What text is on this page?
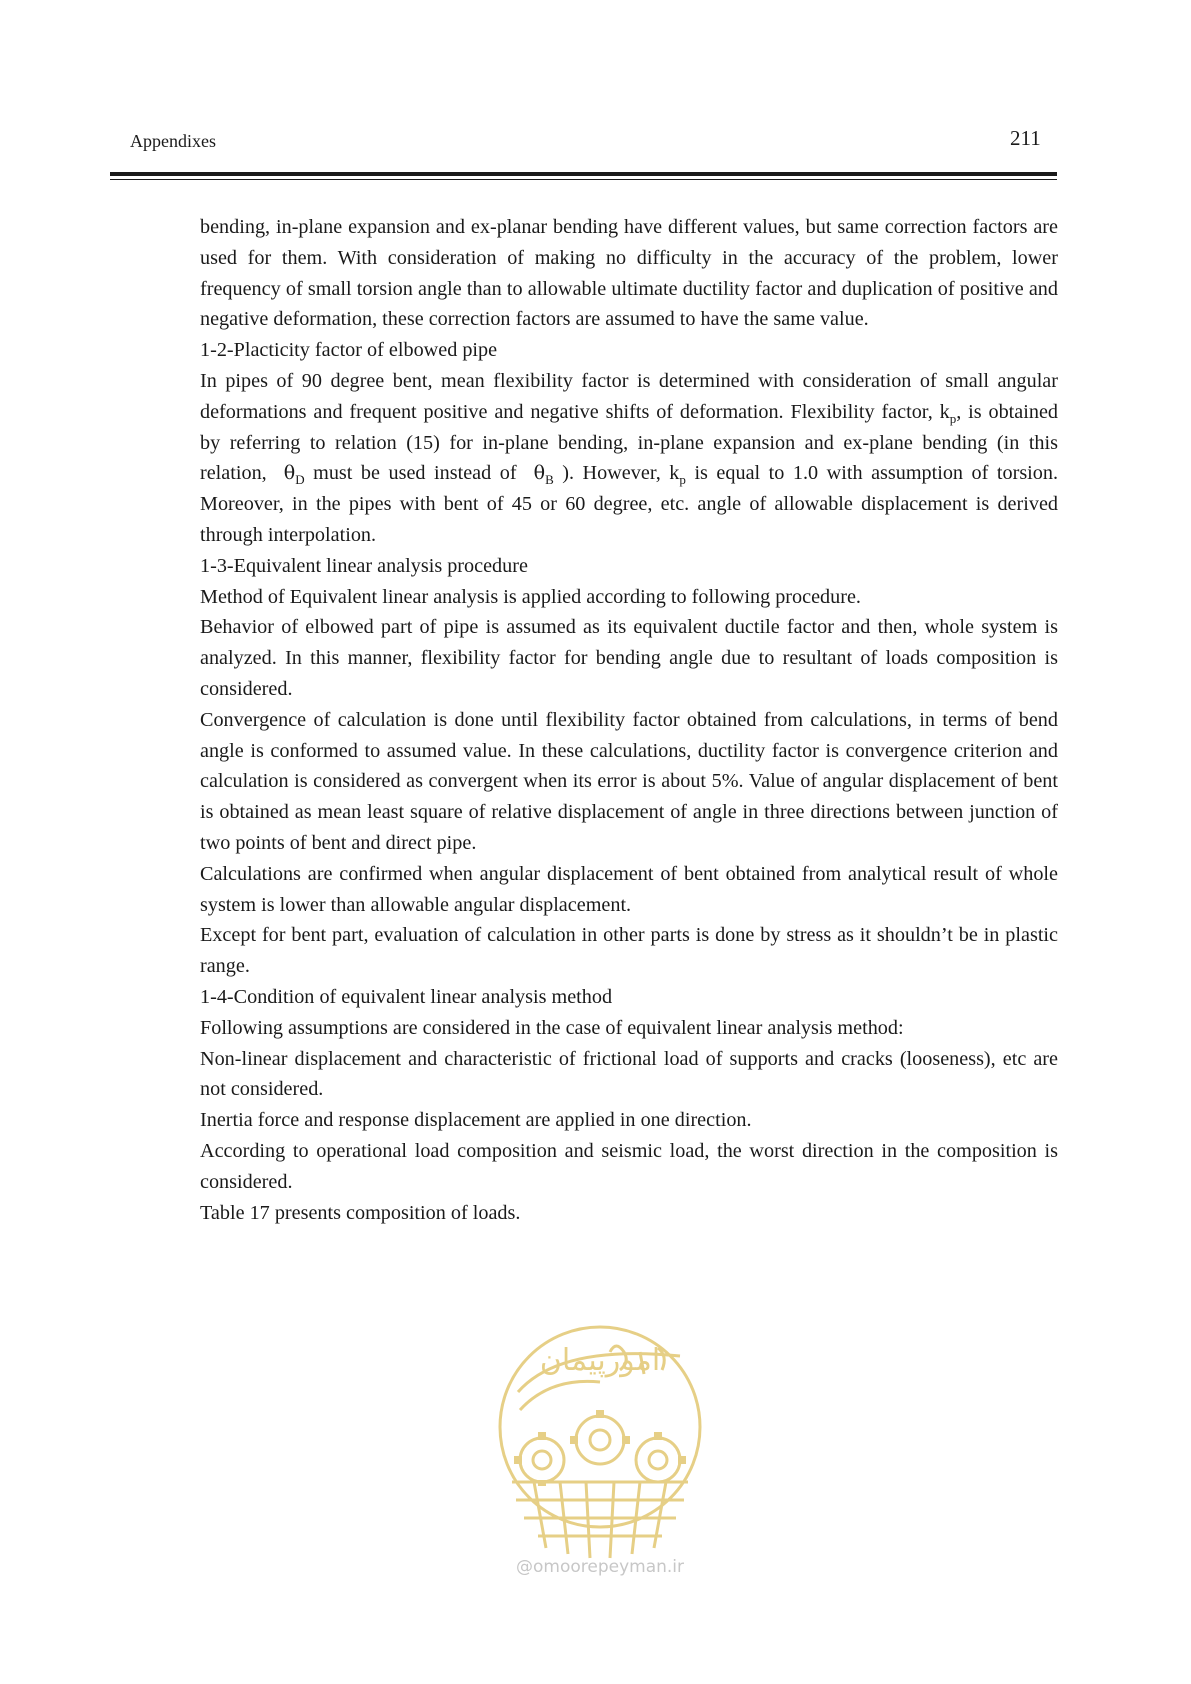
Appendixes	211

bending, in-plane expansion and ex-planar bending have different values, but same correction factors are used for them. With consideration of making no difficulty in the accuracy of the problem, lower frequency of small torsion angle than to allowable ultimate ductility factor and duplication of positive and negative deformation, these correction factors are assumed to have the same value.

1-2-Placticity factor of elbowed pipe

In pipes of 90 degree bent, mean flexibility factor is determined with consideration of small angular deformations and frequent positive and negative shifts of deformation. Flexibility factor, $k_p$, is obtained by referring to relation (15) for in-plane bending, in-plane expansion and ex-plane bending (in this relation, $\theta_D$ must be used instead of $\theta_B$ ). However, $k_p$ is equal to 1.0 with assumption of torsion. Moreover, in the pipes with bent of 45 or 60 degree, etc. angle of allowable displacement is derived through interpolation.

1-3-Equivalent linear analysis procedure

Method of Equivalent linear analysis is applied according to following procedure.

Behavior of elbowed part of pipe is assumed as its equivalent ductile factor and then, whole system is analyzed. In this manner, flexibility factor for bending angle due to resultant of loads composition is considered.

Convergence of calculation is done until flexibility factor obtained from calculations, in terms of bend angle is conformed to assumed value. In these calculations, ductility factor is convergence criterion and calculation is considered as convergent when its error is about 5%. Value of angular displacement of bent is obtained as mean least square of relative displacement of angle in three directions between junction of two points of bent and direct pipe.

Calculations are confirmed when angular displacement of bent obtained from analytical result of whole system is lower than allowable angular displacement.

Except for bent part, evaluation of calculation in other parts is done by stress as it shouldn’t be in plastic range.

1-4-Condition of equivalent linear analysis method

Following assumptions are considered in the case of equivalent linear analysis method:

Non-linear displacement and characteristic of frictional load of supports and cracks (looseness), etc are not considered.

Inertia force and response displacement are applied in one direction.

According to operational load composition and seismic load, the worst direction in the composition is considered.

Table 17 presents composition of loads.

امورپیمان
@omoorepeyman.ir
